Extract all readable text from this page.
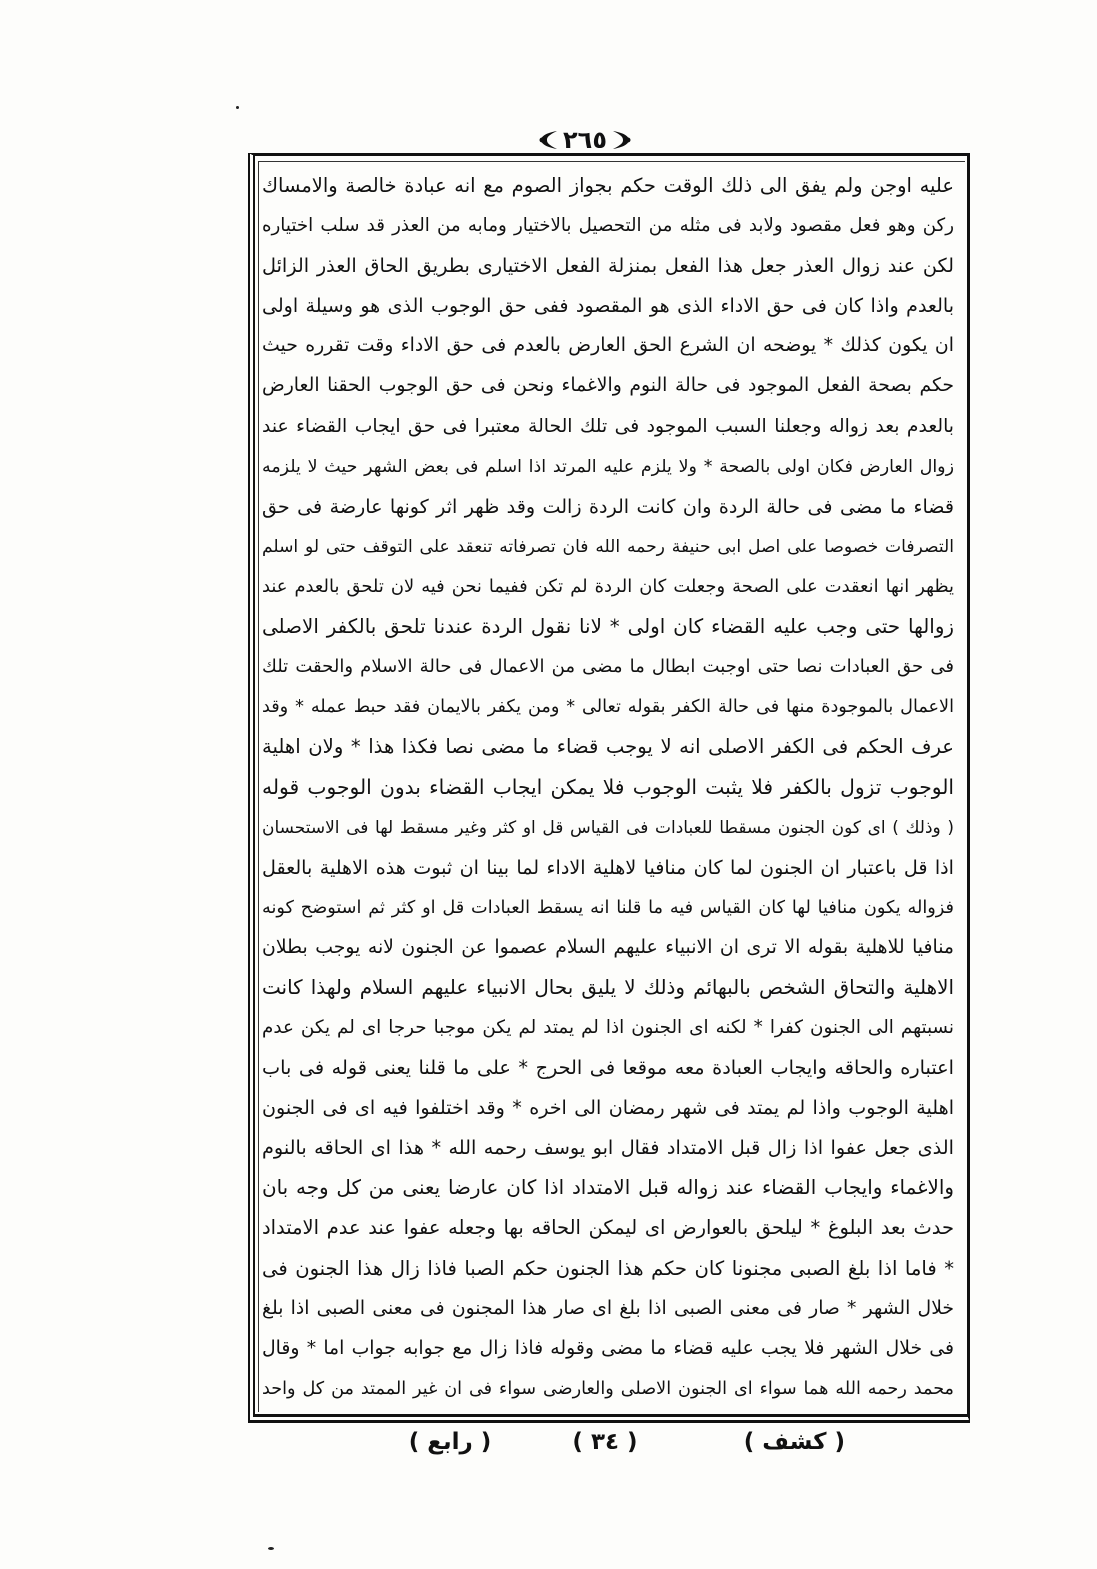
٢٦٥
عليه اوجن ولم يفق الى ذلك الوقت حكم بجواز الصوم مع انه عبادة خالصة والامساك
ركن وهو فعل مقصود ولابد فى مثله من التحصيل بالاختيار ومابه من العذر قد سلب اختياره
لكن عند زوال العذر جعل هذا الفعل بمنزلة الفعل الاختيارى بطريق الحاق العذر الزائل
بالعدم واذا كان فى حق الاداء الذى هو المقصود ففى حق الوجوب الذى هو وسيلة اولى
ان يكون كذلك * يوضحه ان الشرع الحق العارض بالعدم فى حق الاداء وقت تقرره حيث
حكم بصحة الفعل الموجود فى حالة النوم والاغماء ونحن فى حق الوجوب الحقنا العارض
بالعدم بعد زواله وجعلنا السبب الموجود فى تلك الحالة معتبرا فى حق ايجاب القضاء عند
زوال العارض فكان اولى بالصحة * ولا يلزم عليه المرتد اذا اسلم فى بعض الشهر حيث لا يلزمه
قضاء ما مضى فى حالة الردة وان كانت الردة زالت وقد ظهر اثر كونها عارضة فى حق
التصرفات خصوصا على اصل ابى حنيفة رحمه الله فان تصرفاته تنعقد على التوقف حتى لو اسلم
يظهر انها انعقدت على الصحة وجعلت كان الردة لم تكن ففيما نحن فيه لان تلحق بالعدم عند
زوالها حتى وجب عليه القضاء كان اولى * لانا نقول الردة عندنا تلحق بالكفر الاصلى
فى حق العبادات نصا حتى اوجبت ابطال ما مضى من الاعمال فى حالة الاسلام والحقت تلك
الاعمال بالموجودة منها فى حالة الكفر بقوله تعالى * ومن يكفر بالايمان فقد حبط عمله * وقد
عرف الحكم فى الكفر الاصلى انه لا يوجب قضاء ما مضى نصا فكذا هذا * ولان اهلية
الوجوب تزول بالكفر فلا يثبت الوجوب فلا يمكن ايجاب القضاء بدون الوجوب قوله
( وذلك ) اى كون الجنون مسقطا للعبادات فى القياس قل او كثر وغير مسقط لها فى الاستحسان
اذا قل باعتبار ان الجنون لما كان منافيا لاهلية الاداء لما بينا ان ثبوت هذه الاهلية بالعقل
فزواله يكون منافيا لها كان القياس فيه ما قلنا انه يسقط العبادات قل او كثر ثم استوضح كونه
منافيا للاهلية بقوله الا ترى ان الانبياء عليهم السلام عصموا عن الجنون لانه يوجب بطلان
الاهلية والتحاق الشخص بالبهائم وذلك لا يليق بحال الانبياء عليهم السلام ولهذا كانت
نسبتهم الى الجنون كفرا * لكنه اى الجنون اذا لم يمتد لم يكن موجبا حرجا اى لم يكن عدم
اعتباره والحاقه وايجاب العبادة معه موقعا فى الحرج * على ما قلنا يعنى قوله فى باب
اهلية الوجوب واذا لم يمتد فى شهر رمضان الى اخره * وقد اختلفوا فيه اى فى الجنون
الذى جعل عفوا اذا زال قبل الامتداد فقال ابو يوسف رحمه الله * هذا اى الحاقه بالنوم
والاغماء وايجاب القضاء عند زواله قبل الامتداد اذا كان عارضا يعنى من كل وجه بان
حدث بعد البلوغ * ليلحق بالعوارض اى ليمكن الحاقه بها وجعله عفوا عند عدم الامتداد
* فاما اذا بلغ الصبى مجنونا كان حكم هذا الجنون حكم الصبا فاذا زال هذا الجنون فى
خلال الشهر * صار فى معنى الصبى اذا بلغ اى صار هذا المجنون فى معنى الصبى اذا بلغ
فى خلال الشهر فلا يجب عليه قضاء ما مضى وقوله فاذا زال مع جوابه جواب اما * وقال
محمد رحمه الله هما سواء اى الجنون الاصلى والعارضى سواء فى ان غير الممتد من كل واحد
( كشف )
( ٣٤ )
( رابع )
